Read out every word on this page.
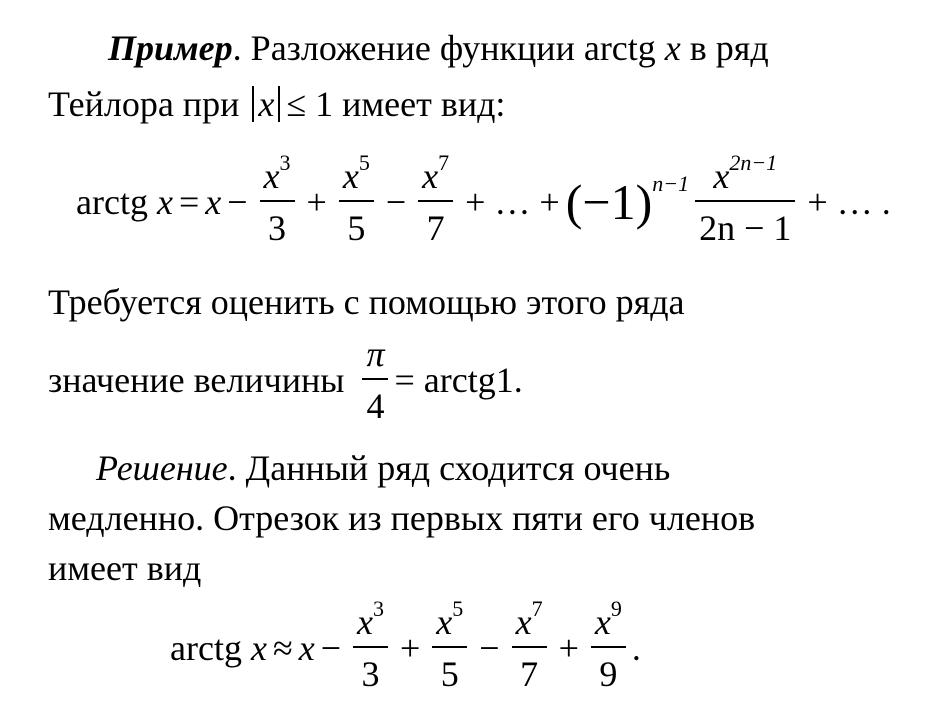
Пример. Разложение функции arctg x в ряд
Тейлора при x ≤ 1 имеет вид:
arctg
$x = x - \frac{x^3}{3} + \frac{x^5}{5} - \frac{x^7}{7}$ + … + $(-1)^{n-1} \frac{x^{2n-1}}{2n - 1}$ + … .
Требуется оценить с помощью этого ряда
значение величины $\frac{\pi}{4}$ = arctg1.
Решение. Данный ряд сходится очень
медленно. Отрезок из первых пяти его членов
имеет вид
arctg
$x \approx x - \frac{x^3}{3} + \frac{x^5}{5} - \frac{x^7}{7} + \frac{x^9}{9}$ .
